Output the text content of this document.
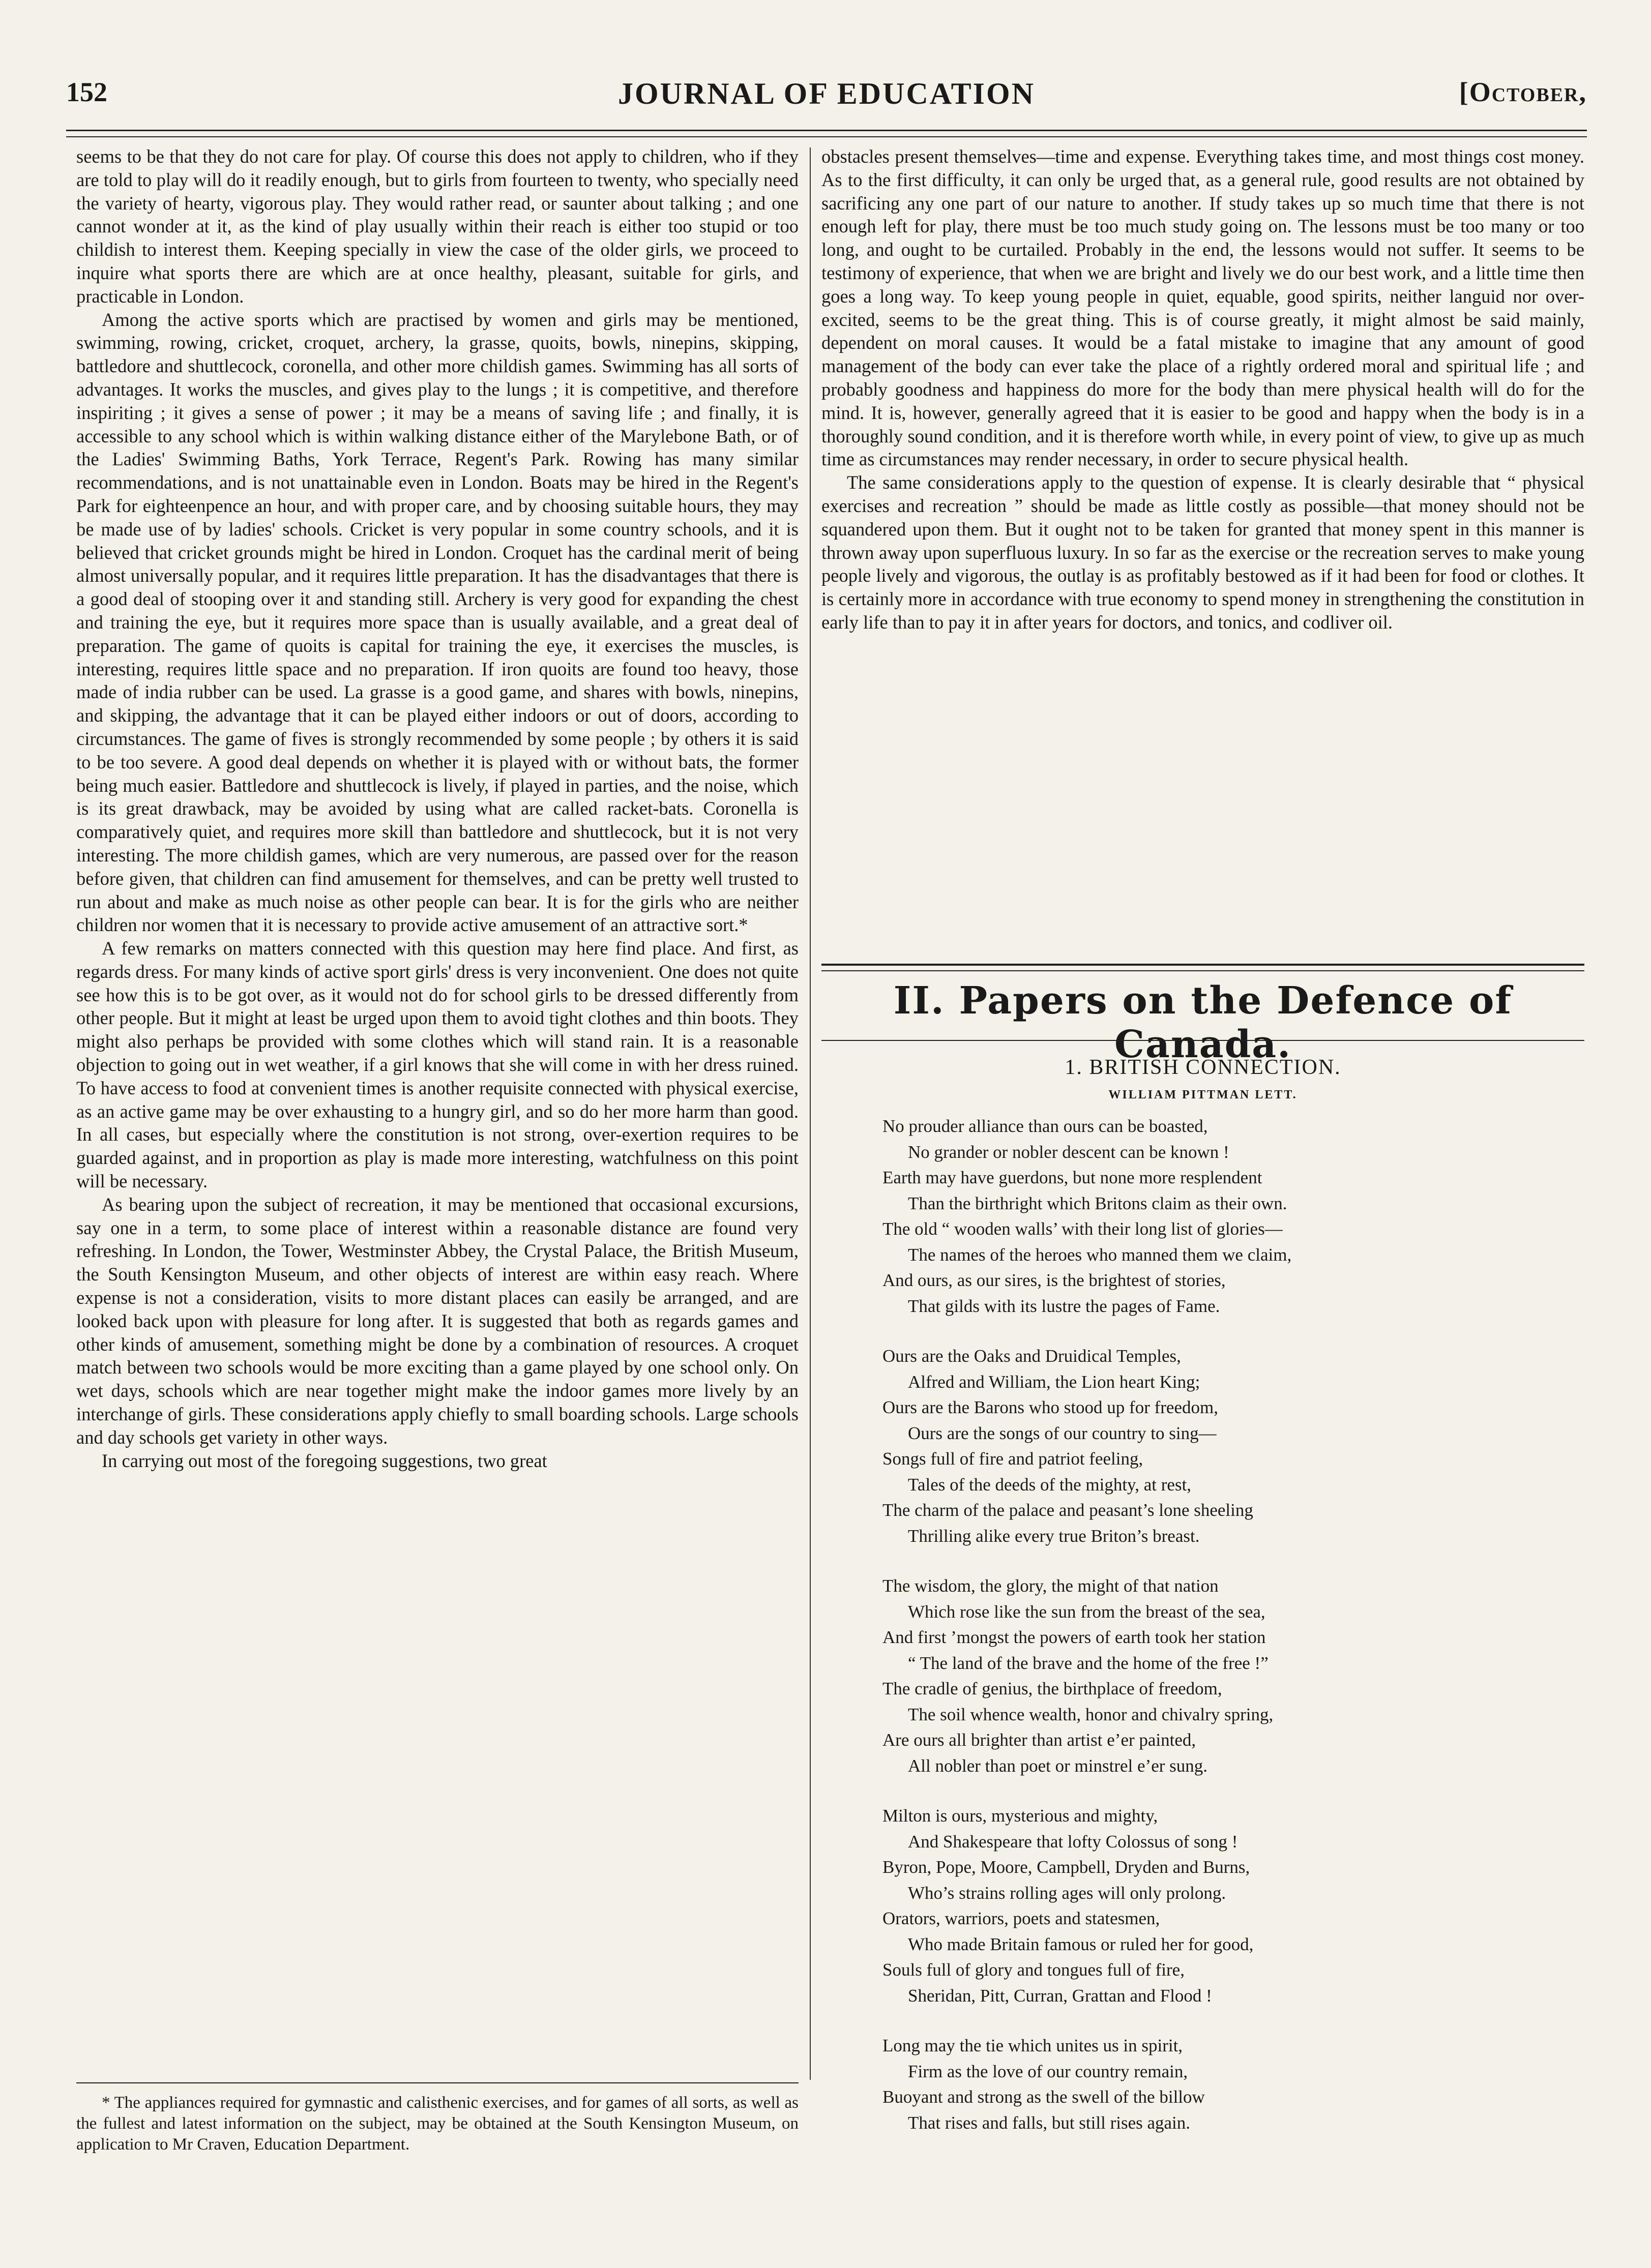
152	JOURNAL OF EDUCATION	[October,

seems to be that they do not care for play. Of course this does not apply to children, who if they are told to play will do it readily enough, but to girls from fourteen to twenty, who specially need the variety of hearty, vigorous play. They would rather read, or saunter about talking ; and one cannot wonder at it, as the kind of play usually within their reach is either too stupid or too childish to interest them. Keeping specially in view the case of the older girls, we proceed to inquire what sports there are which are at once healthy, pleasant, suitable for girls, and practicable in London.

Among the active sports which are practised by women and girls may be mentioned, swimming, rowing, cricket, croquet, archery, la grasse, quoits, bowls, ninepins, skipping, battledore and shuttlecock, coronella, and other more childish games. Swimming has all sorts of advantages. It works the muscles, and gives play to the lungs ; it is competitive, and therefore inspiriting ; it gives a sense of power ; it may be a means of saving life ; and finally, it is accessible to any school which is within walking distance either of the Marylebone Bath, or of the Ladies' Swimming Baths, York Terrace, Regent's Park. Rowing has many similar recommendations, and is not unattainable even in London. Boats may be hired in the Regent's Park for eighteenpence an hour, and with proper care, and by choosing suitable hours, they may be made use of by ladies' schools. Cricket is very popular in some country schools, and it is believed that cricket grounds might be hired in London. Croquet has the cardinal merit of being almost universally popular, and it requires little preparation. It has the disadvantages that there is a good deal of stooping over it and standing still. Archery is very good for expanding the chest and training the eye, but it requires more space than is usually available, and a great deal of preparation. The game of quoits is capital for training the eye, it exercises the muscles, is interesting, requires little space and no preparation. If iron quoits are found too heavy, those made of india rubber can be used. La grasse is a good game, and shares with bowls, ninepins, and skipping, the advantage that it can be played either indoors or out of doors, according to circumstances. The game of fives is strongly recommended by some people ; by others it is said to be too severe. A good deal depends on whether it is played with or without bats, the former being much easier. Battledore and shuttlecock is lively, if played in parties, and the noise, which is its great drawback, may be avoided by using what are called racket-bats. Coronella is comparatively quiet, and requires more skill than battledore and shuttlecock, but it is not very interesting. The more childish games, which are very numerous, are passed over for the reason before given, that children can find amusement for themselves, and can be pretty well trusted to run about and make as much noise as other people can bear. It is for the girls who are neither children nor women that it is necessary to provide active amusement of an attractive sort.*

A few remarks on matters connected with this question may here find place. And first, as regards dress. For many kinds of active sport girls' dress is very inconvenient. One does not quite see how this is to be got over, as it would not do for school girls to be dressed differently from other people. But it might at least be urged upon them to avoid tight clothes and thin boots. They might also perhaps be provided with some clothes which will stand rain. It is a reasonable objection to going out in wet weather, if a girl knows that she will come in with her dress ruined. To have access to food at convenient times is another requisite connected with physical exercise, as an active game may be over exhausting to a hungry girl, and so do her more harm than good. In all cases, but especially where the constitution is not strong, over-exertion requires to be guarded against, and in proportion as play is made more interesting, watchfulness on this point will be necessary.

As bearing upon the subject of recreation, it may be mentioned that occasional excursions, say one in a term, to some place of interest within a reasonable distance are found very refreshing. In London, the Tower, Westminster Abbey, the Crystal Palace, the British Museum, the South Kensington Museum, and other objects of interest are within easy reach. Where expense is not a consideration, visits to more distant places can easily be arranged, and are looked back upon with pleasure for long after. It is suggested that both as regards games and other kinds of amusement, something might be done by a combination of resources. A croquet match between two schools would be more exciting than a game played by one school only. On wet days, schools which are near together might make the indoor games more lively by an interchange of girls. These considerations apply chiefly to small boarding schools. Large schools and day schools get variety in other ways.

In carrying out most of the foregoing suggestions, two great

* The appliances required for gymnastic and calisthenic exercises, and for games of all sorts, as well as the fullest and latest information on the subject, may be obtained at the South Kensington Museum, on application to Mr Craven, Education Department.

obstacles present themselves—time and expense. Everything takes time, and most things cost money. As to the first difficulty, it can only be urged that, as a general rule, good results are not obtained by sacrificing any one part of our nature to another. If study takes up so much time that there is not enough left for play, there must be too much study going on. The lessons must be too many or too long, and ought to be curtailed. Probably in the end, the lessons would not suffer. It seems to be testimony of experience, that when we are bright and lively we do our best work, and a little time then goes a long way. To keep young people in quiet, equable, good spirits, neither languid nor over-excited, seems to be the great thing. This is of course greatly, it might almost be said mainly, dependent on moral causes. It would be a fatal mistake to imagine that any amount of good management of the body can ever take the place of a rightly ordered moral and spiritual life ; and probably goodness and happiness do more for the body than mere physical health will do for the mind. It is, however, generally agreed that it is easier to be good and happy when the body is in a thoroughly sound condition, and it is therefore worth while, in every point of view, to give up as much time as circumstances may render necessary, in order to secure physical health.

The same considerations apply to the question of expense. It is clearly desirable that “ physical exercises and recreation ” should be made as little costly as possible—that money should not be squandered upon them. But it ought not to be taken for granted that money spent in this manner is thrown away upon superfluous luxury. In so far as the exercise or the recreation serves to make young people lively and vigorous, the outlay is as profitably bestowed as if it had been for food or clothes. It is certainly more in accordance with true economy to spend money in strengthening the constitution in early life than to pay it in after years for doctors, and tonics, and codliver oil.

II. Papers on the Defence of Canada.
1. BRITISH CONNECTION.
WILLIAM PITTMAN LETT.
No prouder alliance than ours can be boasted,
No grander or nobler descent can be known !
Earth may have guerdons, but none more resplendent
Than the birthright which Britons claim as their own.
The old “ wooden walls’ with their long list of glories—
The names of the heroes who manned them we claim,
And ours, as our sires, is the brightest of stories,
That gilds with its lustre the pages of Fame.
Ours are the Oaks and Druidical Temples,
Alfred and William, the Lion heart King;
Ours are the Barons who stood up for freedom,
Ours are the songs of our country to sing—
Songs full of fire and patriot feeling,
Tales of the deeds of the mighty, at rest,
The charm of the palace and peasant’s lone sheeling
Thrilling alike every true Briton’s breast.
The wisdom, the glory, the might of that nation
Which rose like the sun from the breast of the sea,
And first ’mongst the powers of earth took her station
“ The land of the brave and the home of the free !”
The cradle of genius, the birthplace of freedom,
The soil whence wealth, honor and chivalry spring,
Are ours all brighter than artist e’er painted,
All nobler than poet or minstrel e’er sung.
Milton is ours, mysterious and mighty,
And Shakespeare that lofty Colossus of song !
Byron, Pope, Moore, Campbell, Dryden and Burns,
Who’s strains rolling ages will only prolong.
Orators, warriors, poets and statesmen,
Who made Britain famous or ruled her for good,
Souls full of glory and tongues full of fire,
Sheridan, Pitt, Curran, Grattan and Flood !
Long may the tie which unites us in spirit,
Firm as the love of our country remain,
Buoyant and strong as the swell of the billow
That rises and falls, but still rises again.
